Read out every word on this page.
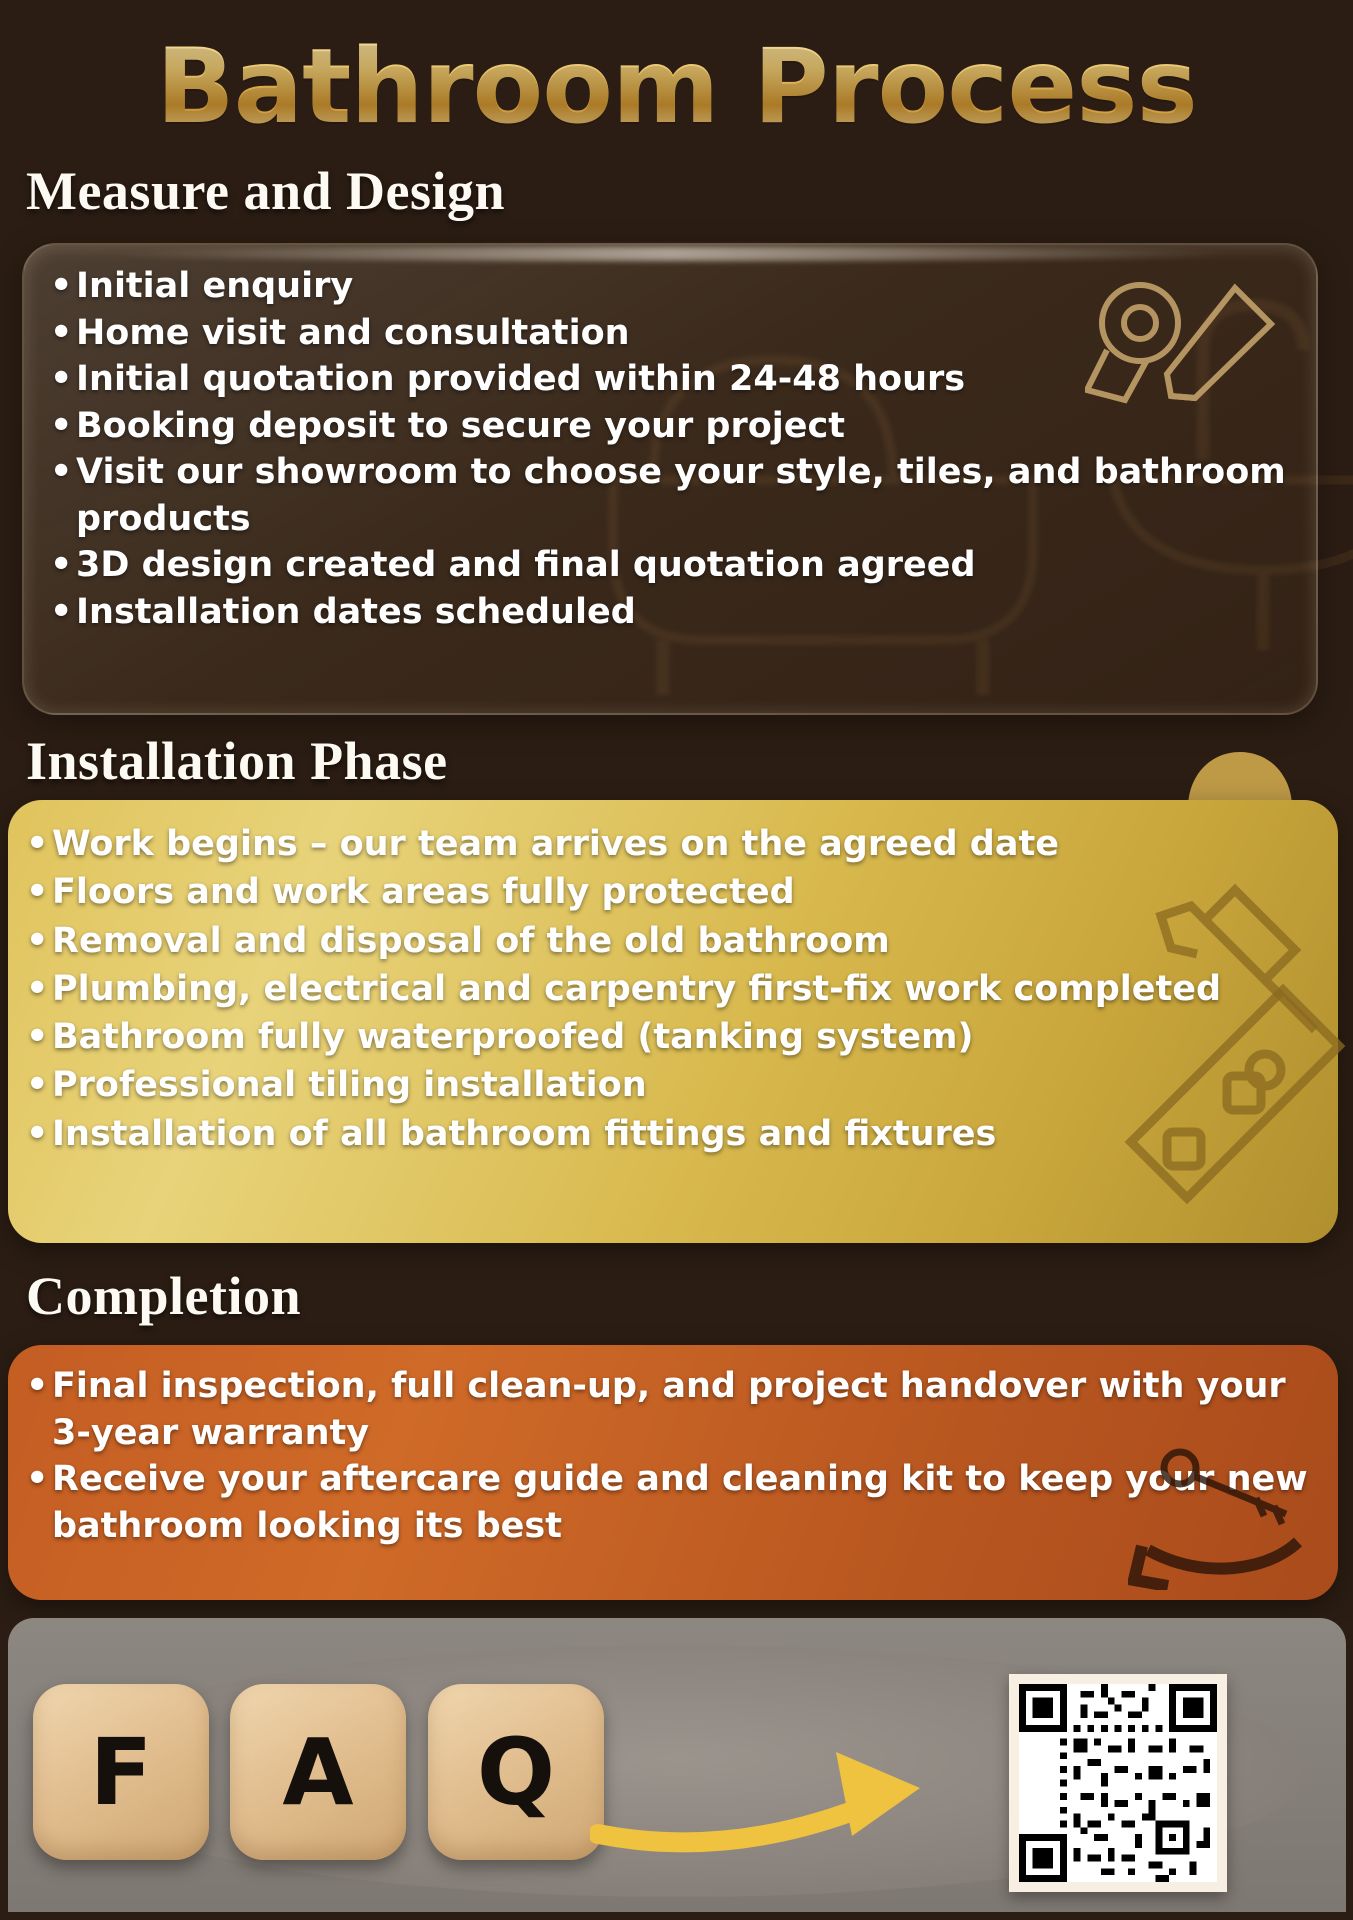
Bathroom Process
Measure and Design
• Initial enquiry
• Home visit and consultation
• Initial quotation provided within 24-48 hours
• Booking deposit to secure your project
• Visit our showroom to choose your style, tiles, and bathroom products
• 3D design created and final quotation agreed
• Installation dates scheduled
Installation Phase
• Work begins – our team arrives on the agreed date
• Floors and work areas fully protected
• Removal and disposal of the old bathroom
• Plumbing, electrical and carpentry first-fix work completed
• Bathroom fully waterproofed (tanking system)
• Professional tiling installation
• Installation of all bathroom fittings and fixtures
Completion
• Final inspection, full clean-up, and project handover with your 3-year warranty
• Receive your aftercare guide and cleaning kit to keep your new bathroom looking its best
F	A	Q
